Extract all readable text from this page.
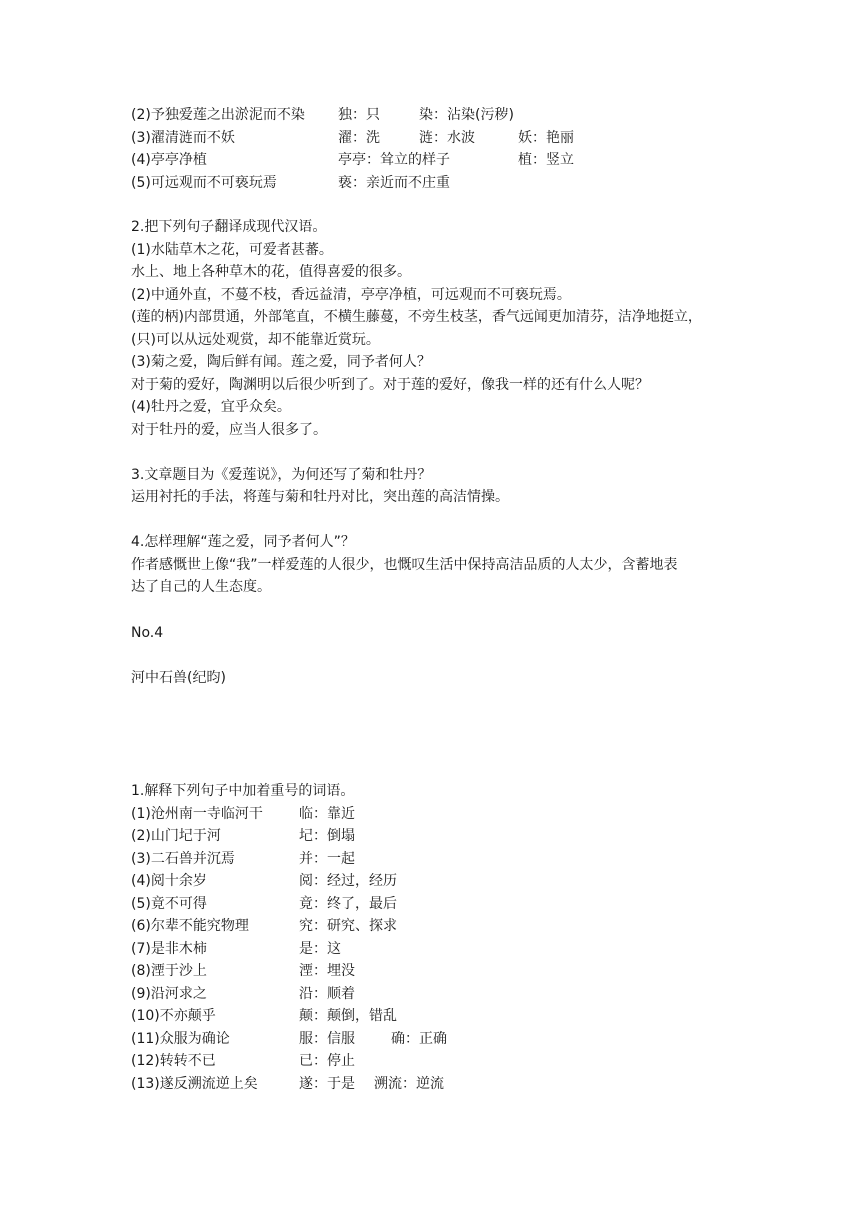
(2)予独爱莲之出淤泥而不染 独：只	染：沾染(污秽)
(3)濯清涟而不妖	濯：洗	涟：水波	妖：艳丽
(4)亭亭净植	亭亭：耸立的样子	植：竖立
(5)可远观而不可亵玩焉	亵：亲近而不庄重
2.把下列句子翻译成现代汉语。
(1)水陆草木之花，可爱者甚蕃。
水上、地上各种草木的花，值得喜爱的很多。
(2)中通外直，不蔓不枝，香远益清，亭亭净植，可远观而不可亵玩焉。
(莲的柄)内部贯通，外部笔直，不横生藤蔓，不旁生枝茎，香气远闻更加清芬，洁净地挺立，
(只)可以从远处观赏，却不能靠近赏玩。
(3)菊之爱，陶后鲜有闻。莲之爱，同予者何人？
对于菊的爱好，陶渊明以后很少听到了。对于莲的爱好，像我一样的还有什么人呢？
(4)牡丹之爱，宜乎众矣。
对于牡丹的爱，应当人很多了。
3.文章题目为《爱莲说》，为何还写了菊和牡丹？
运用衬托的手法，将莲与菊和牡丹对比，突出莲的高洁情操。
4.怎样理解“莲之爱，同予者何人”？
作者感慨世上像“我”一样爱莲的人很少，也慨叹生活中保持高洁品质的人太少，含蓄地表
达了自己的人生态度。
No.4
河中石兽(纪昀)
1.解释下列句子中加着重号的词语。
(1)沧州南一寺临河干	临：靠近
(2)山门圮于河	圮：倒塌
(3)二石兽并沉焉	并：一起
(4)阅十余岁	阅：经过，经历
(5)竟不可得	竟：终了，最后
(6)尔辈不能究物理	究：研究、探求
(7)是非木柿	是：这
(8)湮于沙上	湮：埋没
(9)沿河求之	沿：顺着
(10)不亦颠乎	颠：颠倒，错乱
(11)众服为确论	服：信服	确：正确
(12)转转不已	已：停止
(13)遂反溯流逆上矣	遂：于是 溯流：逆流
